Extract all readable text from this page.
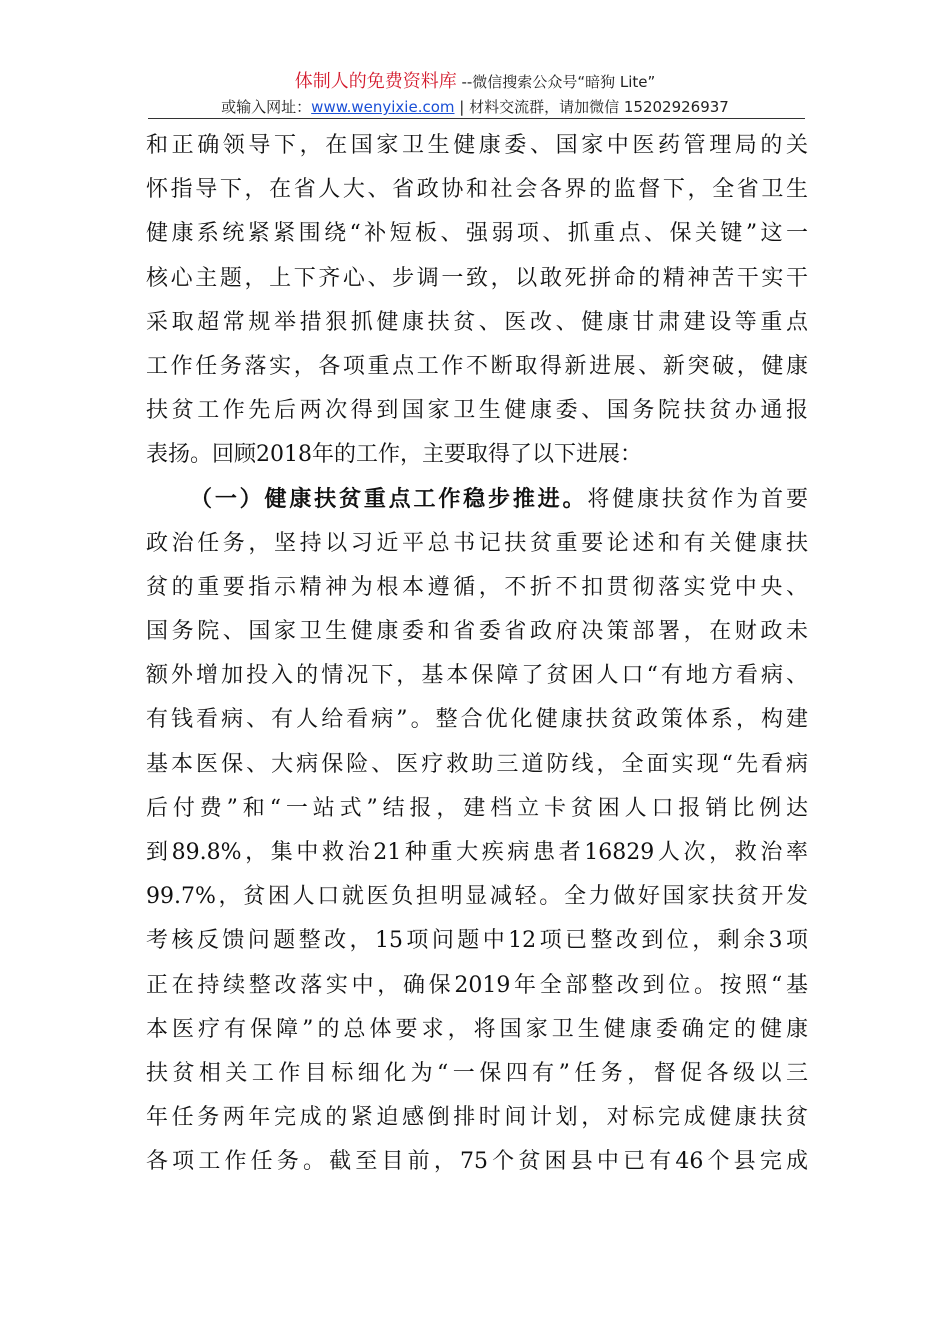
体制人的免费资料库 --微信搜索公众号“暗狗 Lite”
或输入网址：www.wenyixie.com | 材料交流群，请加微信 15202926937
和正确领导下，在国家卫生健康委、国家中医药管理局的关
怀指导下，在省人大、省政协和社会各界的监督下，全省卫生
健康系统紧紧围绕“补短板、强弱项、抓重点、保关键”这一
核心主题，上下齐心、步调一致，以敢死拼命的精神苦干实干
采取超常规举措狠抓健康扶贫、医改、健康甘肃建设等重点
工作任务落实，各项重点工作不断取得新进展、新突破，健康
扶贫工作先后两次得到国家卫生健康委、国务院扶贫办通报
表扬。回顾2018年的工作，主要取得了以下进展：
（一）健康扶贫重点工作稳步推进。将健康扶贫作为首要
政治任务，坚持以习近平总书记扶贫重要论述和有关健康扶
贫的重要指示精神为根本遵循，不折不扣贯彻落实党中央、
国务院、国家卫生健康委和省委省政府决策部署，在财政未
额外增加投入的情况下，基本保障了贫困人口“有地方看病、
有钱看病、有人给看病”。整合优化健康扶贫政策体系，构建
基本医保、大病保险、医疗救助三道防线，全面实现“先看病
后付费”和“一站式”结报，建档立卡贫困人口报销比例达
到89.8%，集中救治21种重大疾病患者16829人次，救治率
99.7%，贫困人口就医负担明显减轻。全力做好国家扶贫开发
考核反馈问题整改，15项问题中12项已整改到位，剩余3项
正在持续整改落实中，确保2019年全部整改到位。按照“基
本医疗有保障”的总体要求，将国家卫生健康委确定的健康
扶贫相关工作目标细化为“一保四有”任务，督促各级以三
年任务两年完成的紧迫感倒排时间计划，对标完成健康扶贫
各项工作任务。截至目前，75个贫困县中已有46个县完成
